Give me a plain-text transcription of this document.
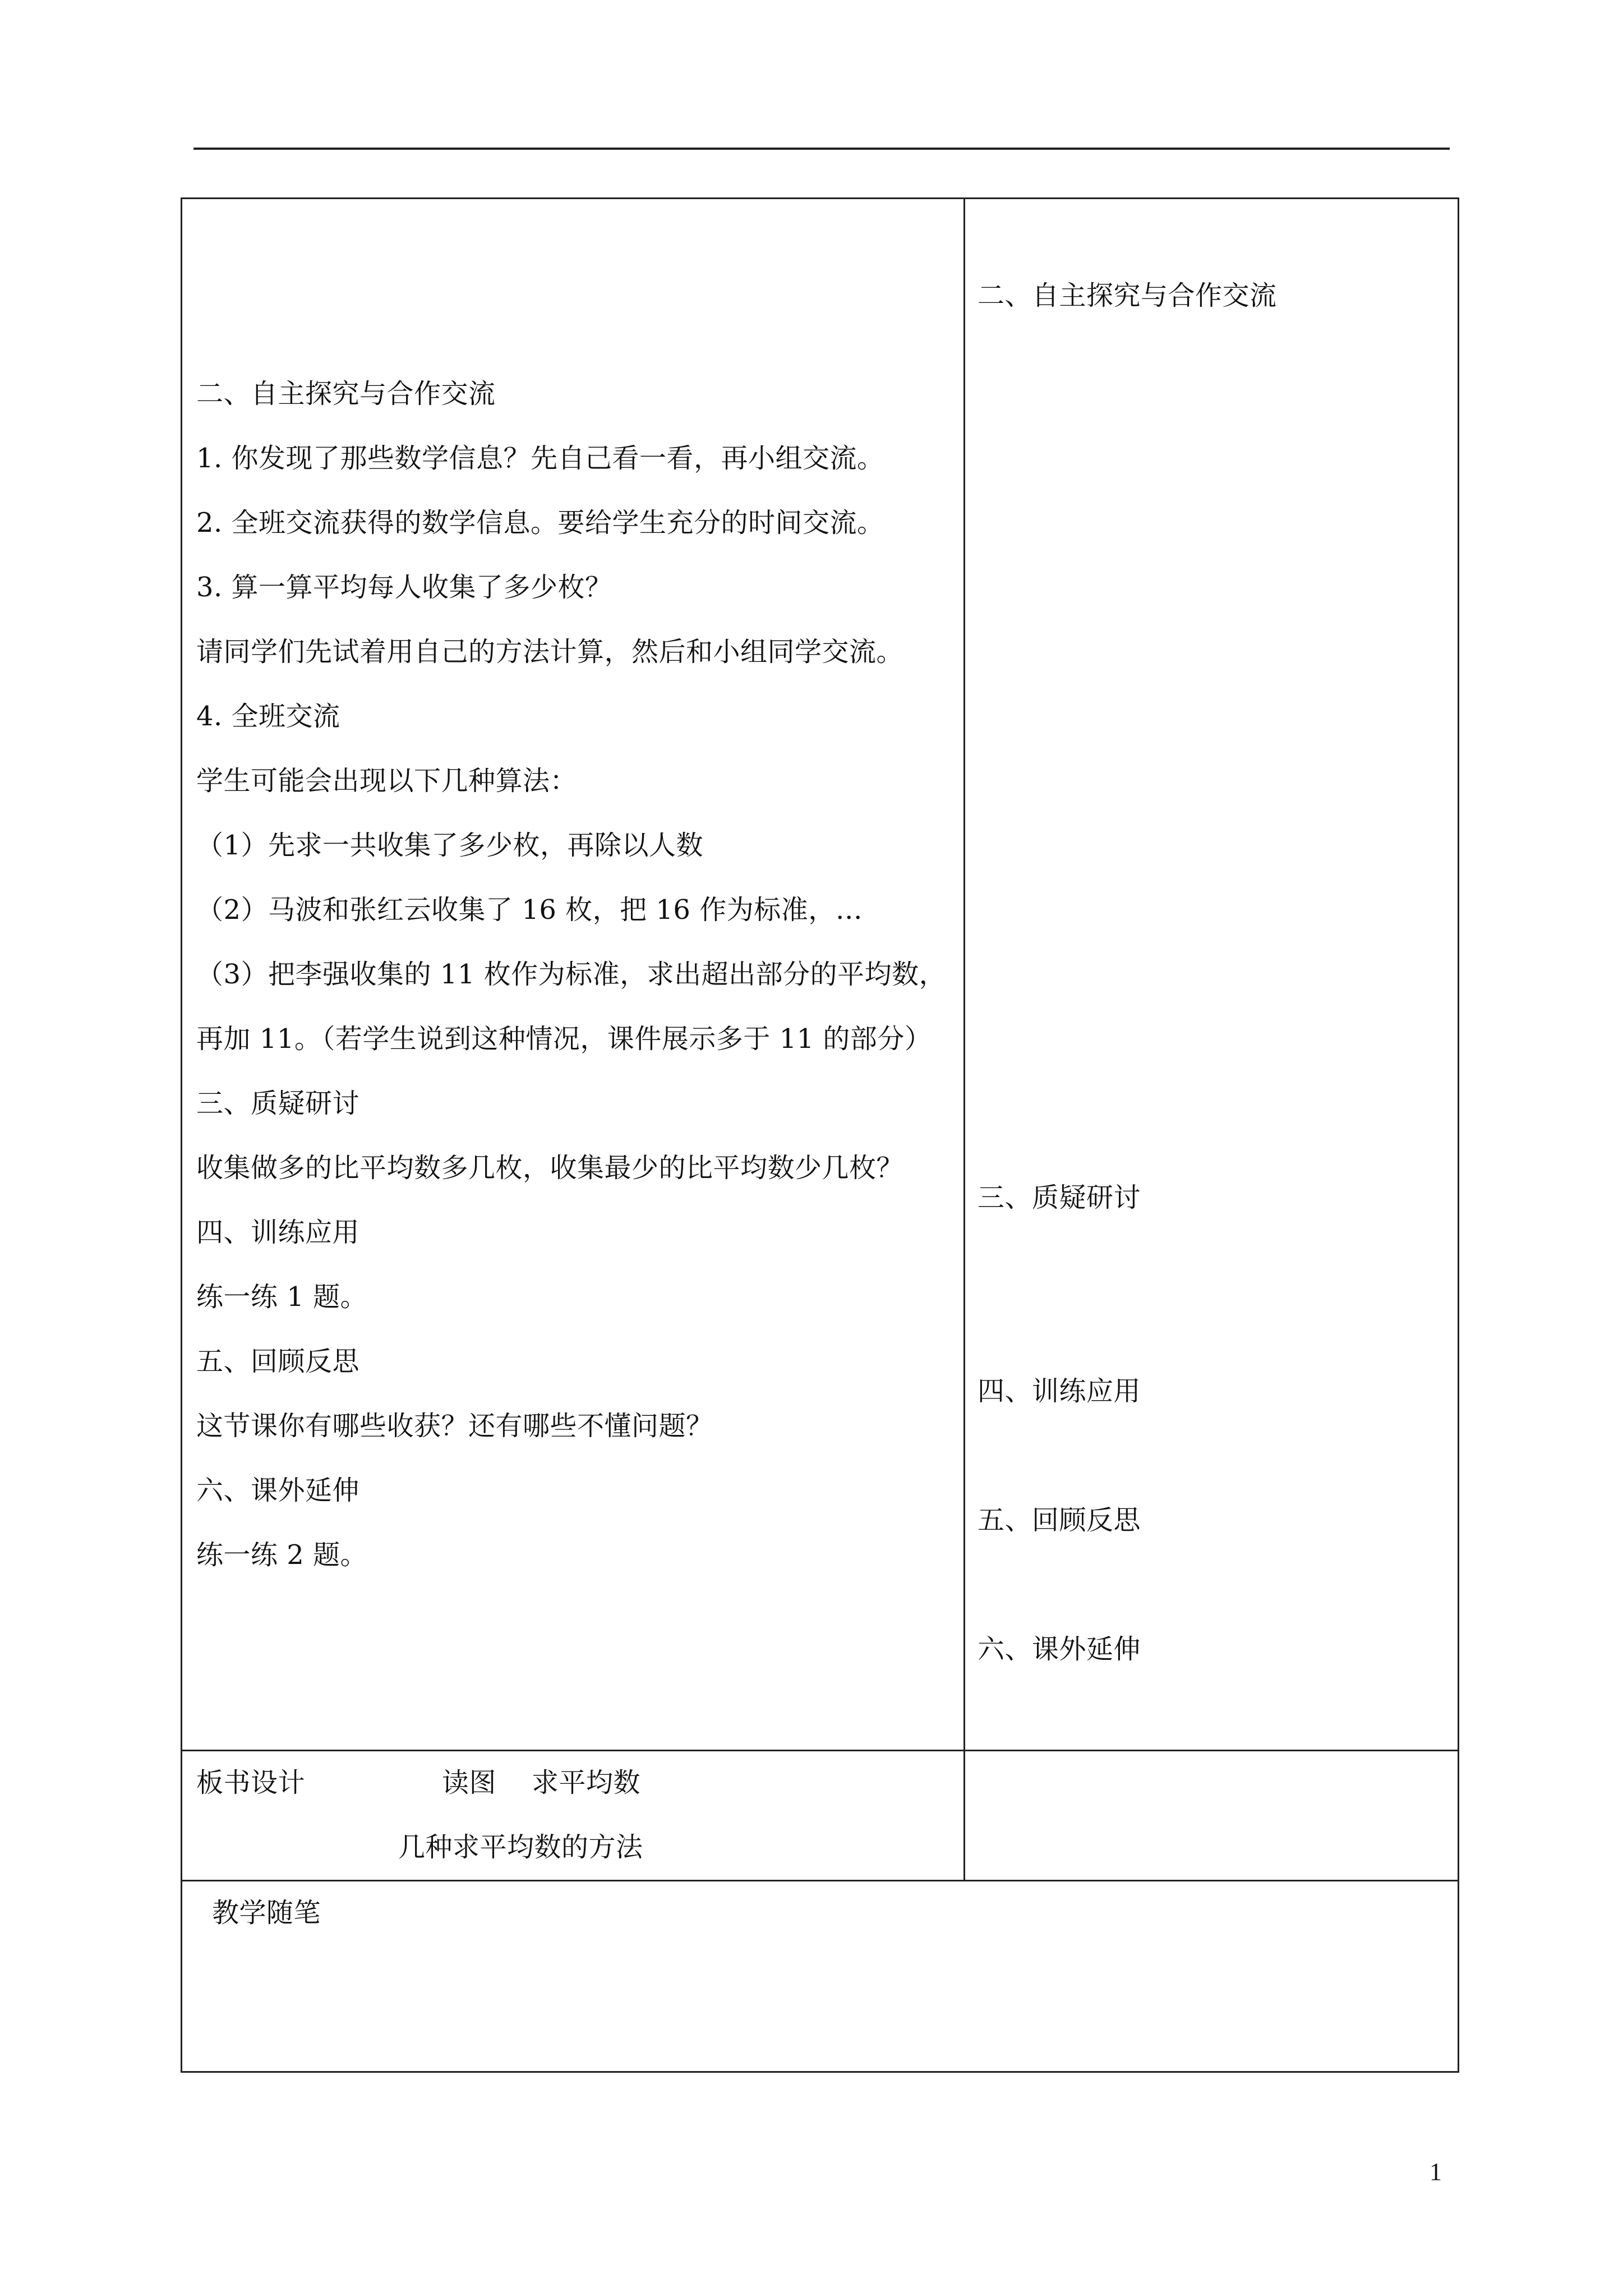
二、自主探究与合作交流
1. 你发现了那些数学信息？先自己看一看，再小组交流。
2. 全班交流获得的数学信息。要给学生充分的时间交流。
3. 算一算平均每人收集了多少枚？
请同学们先试着用自己的方法计算，然后和小组同学交流。
4. 全班交流
学生可能会出现以下几种算法：
（1）先求一共收集了多少枚，再除以人数
（2）马波和张红云收集了 16 枚，把 16 作为标准，…
（3）把李强收集的 11 枚作为标准，求出超出部分的平均数，
再加 11。（若学生说到这种情况，课件展示多于 11 的部分）
三、质疑研讨
收集做多的比平均数多几枚，收集最少的比平均数少几枚？
四、训练应用
练一练 1 题。
五、回顾反思
这节课你有哪些收获？还有哪些不懂问题？
六、课外延伸
练一练 2 题。
二、自主探究与合作交流
三、质疑研讨
四、训练应用
五、回顾反思
六、课外延伸
板书设计	读图    求平均数
几种求平均数的方法
教学随笔
1
